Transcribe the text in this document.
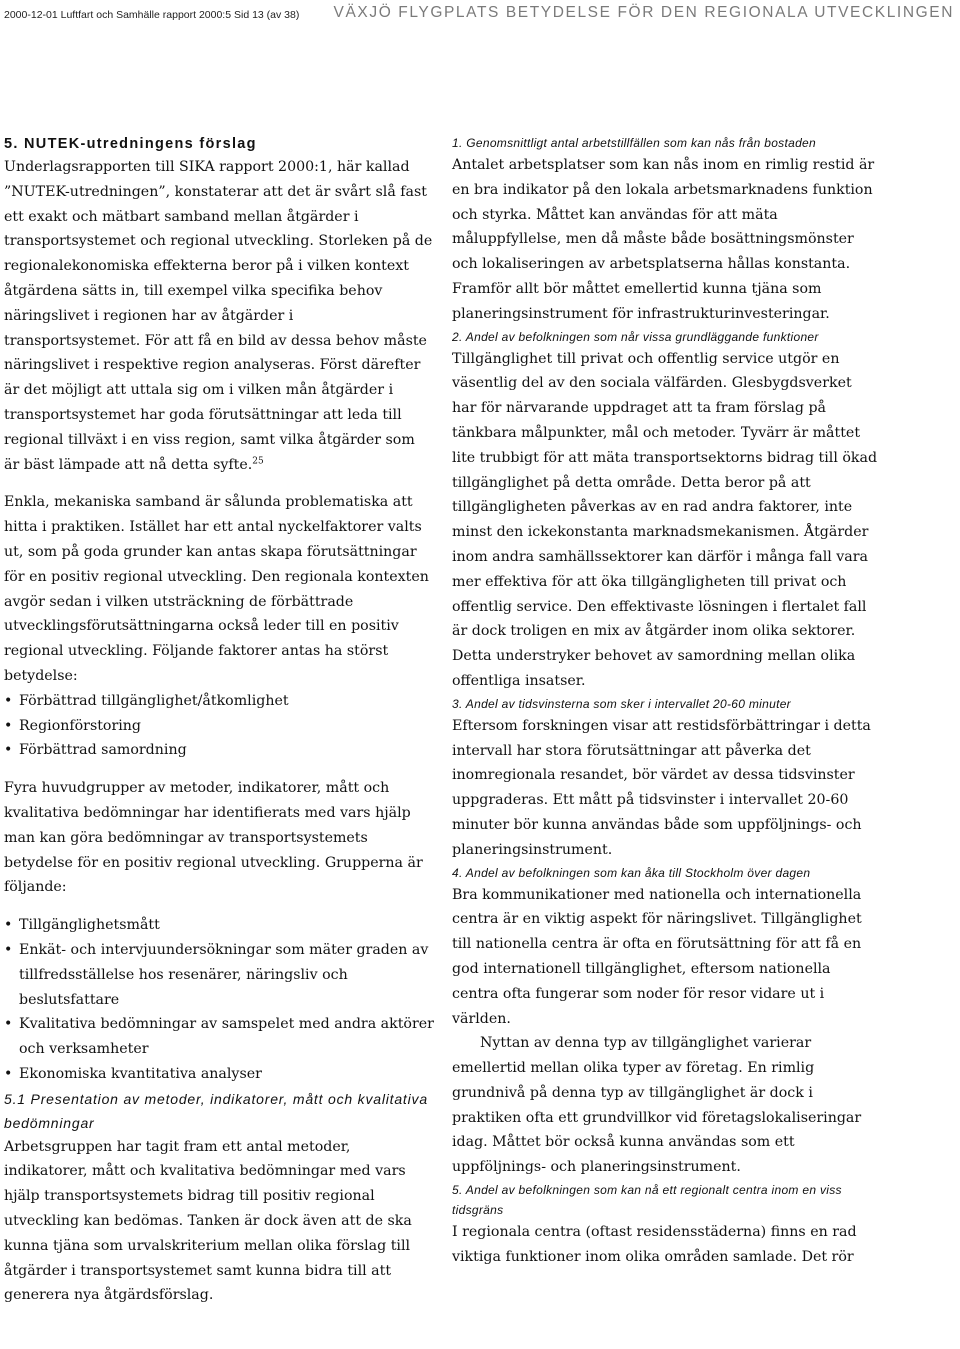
2000-12-01 Luftfart och Samhälle rapport 2000:5 Sid 13 (av 38) VÄXJÖ FLYGPLATS BETYDELSE FÖR DEN REGIONALA UTVECKLINGEN
5. NUTEK-utredningens förslag

Underlagsrapporten till SIKA rapport 2000:1, här kallad ”NUTEK-utredningen”, konstaterar att det är svårt slå fast ett exakt och mätbart samband mellan åtgärder i transportsystemet och regional utveckling. Storleken på de regionalekonomiska effekterna beror på i vilken kontext åtgärdena sätts in, till exempel vilka specifika behov näringslivet i regionen har av åtgärder i transportsystemet. För att få en bild av dessa behov måste näringslivet i respektive region analyseras. Först därefter är det möjligt att uttala sig om i vilken mån åtgärder i transportsystemet har goda förutsättningar att leda till regional tillväxt i en viss region, samt vilka åtgärder som är bäst lämpade att nå detta syfte.$^{25}$

Enkla, mekaniska samband är sålunda problematiska att hitta i praktiken. Istället har ett antal nyckelfaktorer valts ut, som på goda grunder kan antas skapa förutsättningar för en positiv regional utveckling. Den regionala kontexten avgör sedan i vilken utsträckning de förbättrade utvecklingsförutsättningarna också leder till en positiv regional utveckling. Följande faktorer antas ha störst betydelse:

• Förbättrad tillgänglighet/åtkomlighet
• Regionförstoring
• Förbättrad samordning

Fyra huvudgrupper av metoder, indikatorer, mått och kvalitativa bedömningar har identifierats med vars hjälp man kan göra bedömningar av transportsystemets betydelse för en positiv regional utveckling. Grupperna är följande:

• Tillgänglighetsmått
• Enkät- och intervjuundersökningar som mäter graden av tillfredsställelse hos resenärer, näringsliv och beslutsfattare
• Kvalitativa bedömningar av samspelet med andra aktörer och verksamheter
• Ekonomiska kvantitativa analyser
5.1 Presentation av metoder, indikatorer, mått och kvalitativa bedömningar

Arbetsgruppen har tagit fram ett antal metoder, indikatorer, mått och kvalitativa bedömningar med vars hjälp transportsystemets bidrag till positiv regional utveckling kan bedömas. Tanken är dock även att de ska kunna tjäna som urvalskriterium mellan olika förslag till åtgärder i transportsystemet samt kunna bidra till att generera nya åtgärdsförslag.

1. Genomsnittligt antal arbetstillfällen som kan nås från bostaden

Antalet arbetsplatser som kan nås inom en rimlig restid är en bra indikator på den lokala arbetsmarknadens funktion och styrka. Måttet kan användas för att mäta måluppfyllelse, men då måste både bosättningsmönster och lokaliseringen av arbetsplatserna hållas konstanta. Framför allt bör måttet emellertid kunna tjäna som planeringsinstrument för infrastrukturinvesteringar.

2. Andel av befolkningen som når vissa grundläggande funktioner

Tillgänglighet till privat och offentlig service utgör en väsentlig del av den sociala välfärden. Glesbygdsverket har för närvarande uppdraget att ta fram förslag på tänkbara målpunkter, mål och metoder. Tyvärr är måttet lite trubbigt för att mäta transportsektorns bidrag till ökad tillgänglighet på detta område. Detta beror på att tillgängligheten påverkas av en rad andra faktorer, inte minst den ickekonstanta marknadsmekanismen. Åtgärder inom andra samhällssektorer kan därför i många fall vara mer effektiva för att öka tillgängligheten till privat och offentlig service. Den effektivaste lösningen i flertalet fall är dock troligen en mix av åtgärder inom olika sektorer. Detta understryker behovet av samordning mellan olika offentliga insatser.

3. Andel av tidsvinsterna som sker i intervallet 20-60 minuter

Eftersom forskningen visar att restidsförbättringar i detta intervall har stora förutsättningar att påverka det inomregionala resandet, bör värdet av dessa tidsvinster uppgraderas. Ett mått på tidsvinster i intervallet 20-60 minuter bör kunna användas både som uppföljnings- och planeringsinstrument.

4. Andel av befolkningen som kan åka till Stockholm över dagen

Bra kommunikationer med nationella och internationella centra är en viktig aspekt för näringslivet. Tillgänglighet till nationella centra är ofta en förutsättning för att få en god internationell tillgänglighet, eftersom nationella centra ofta fungerar som noder för resor vidare ut i världen.

Nyttan av denna typ av tillgänglighet varierar emellertid mellan olika typer av företag. En rimlig grundnivå på denna typ av tillgänglighet är dock i praktiken ofta ett grundvillkor vid företagslokaliseringar idag. Måttet bör också kunna användas som ett uppföljnings- och planeringsinstrument.

5. Andel av befolkningen som kan nå ett regionalt centra inom en viss tidsgräns

I regionala centra (oftast residensstäderna) finns en rad viktiga funktioner inom olika områden samlade. Det rör
